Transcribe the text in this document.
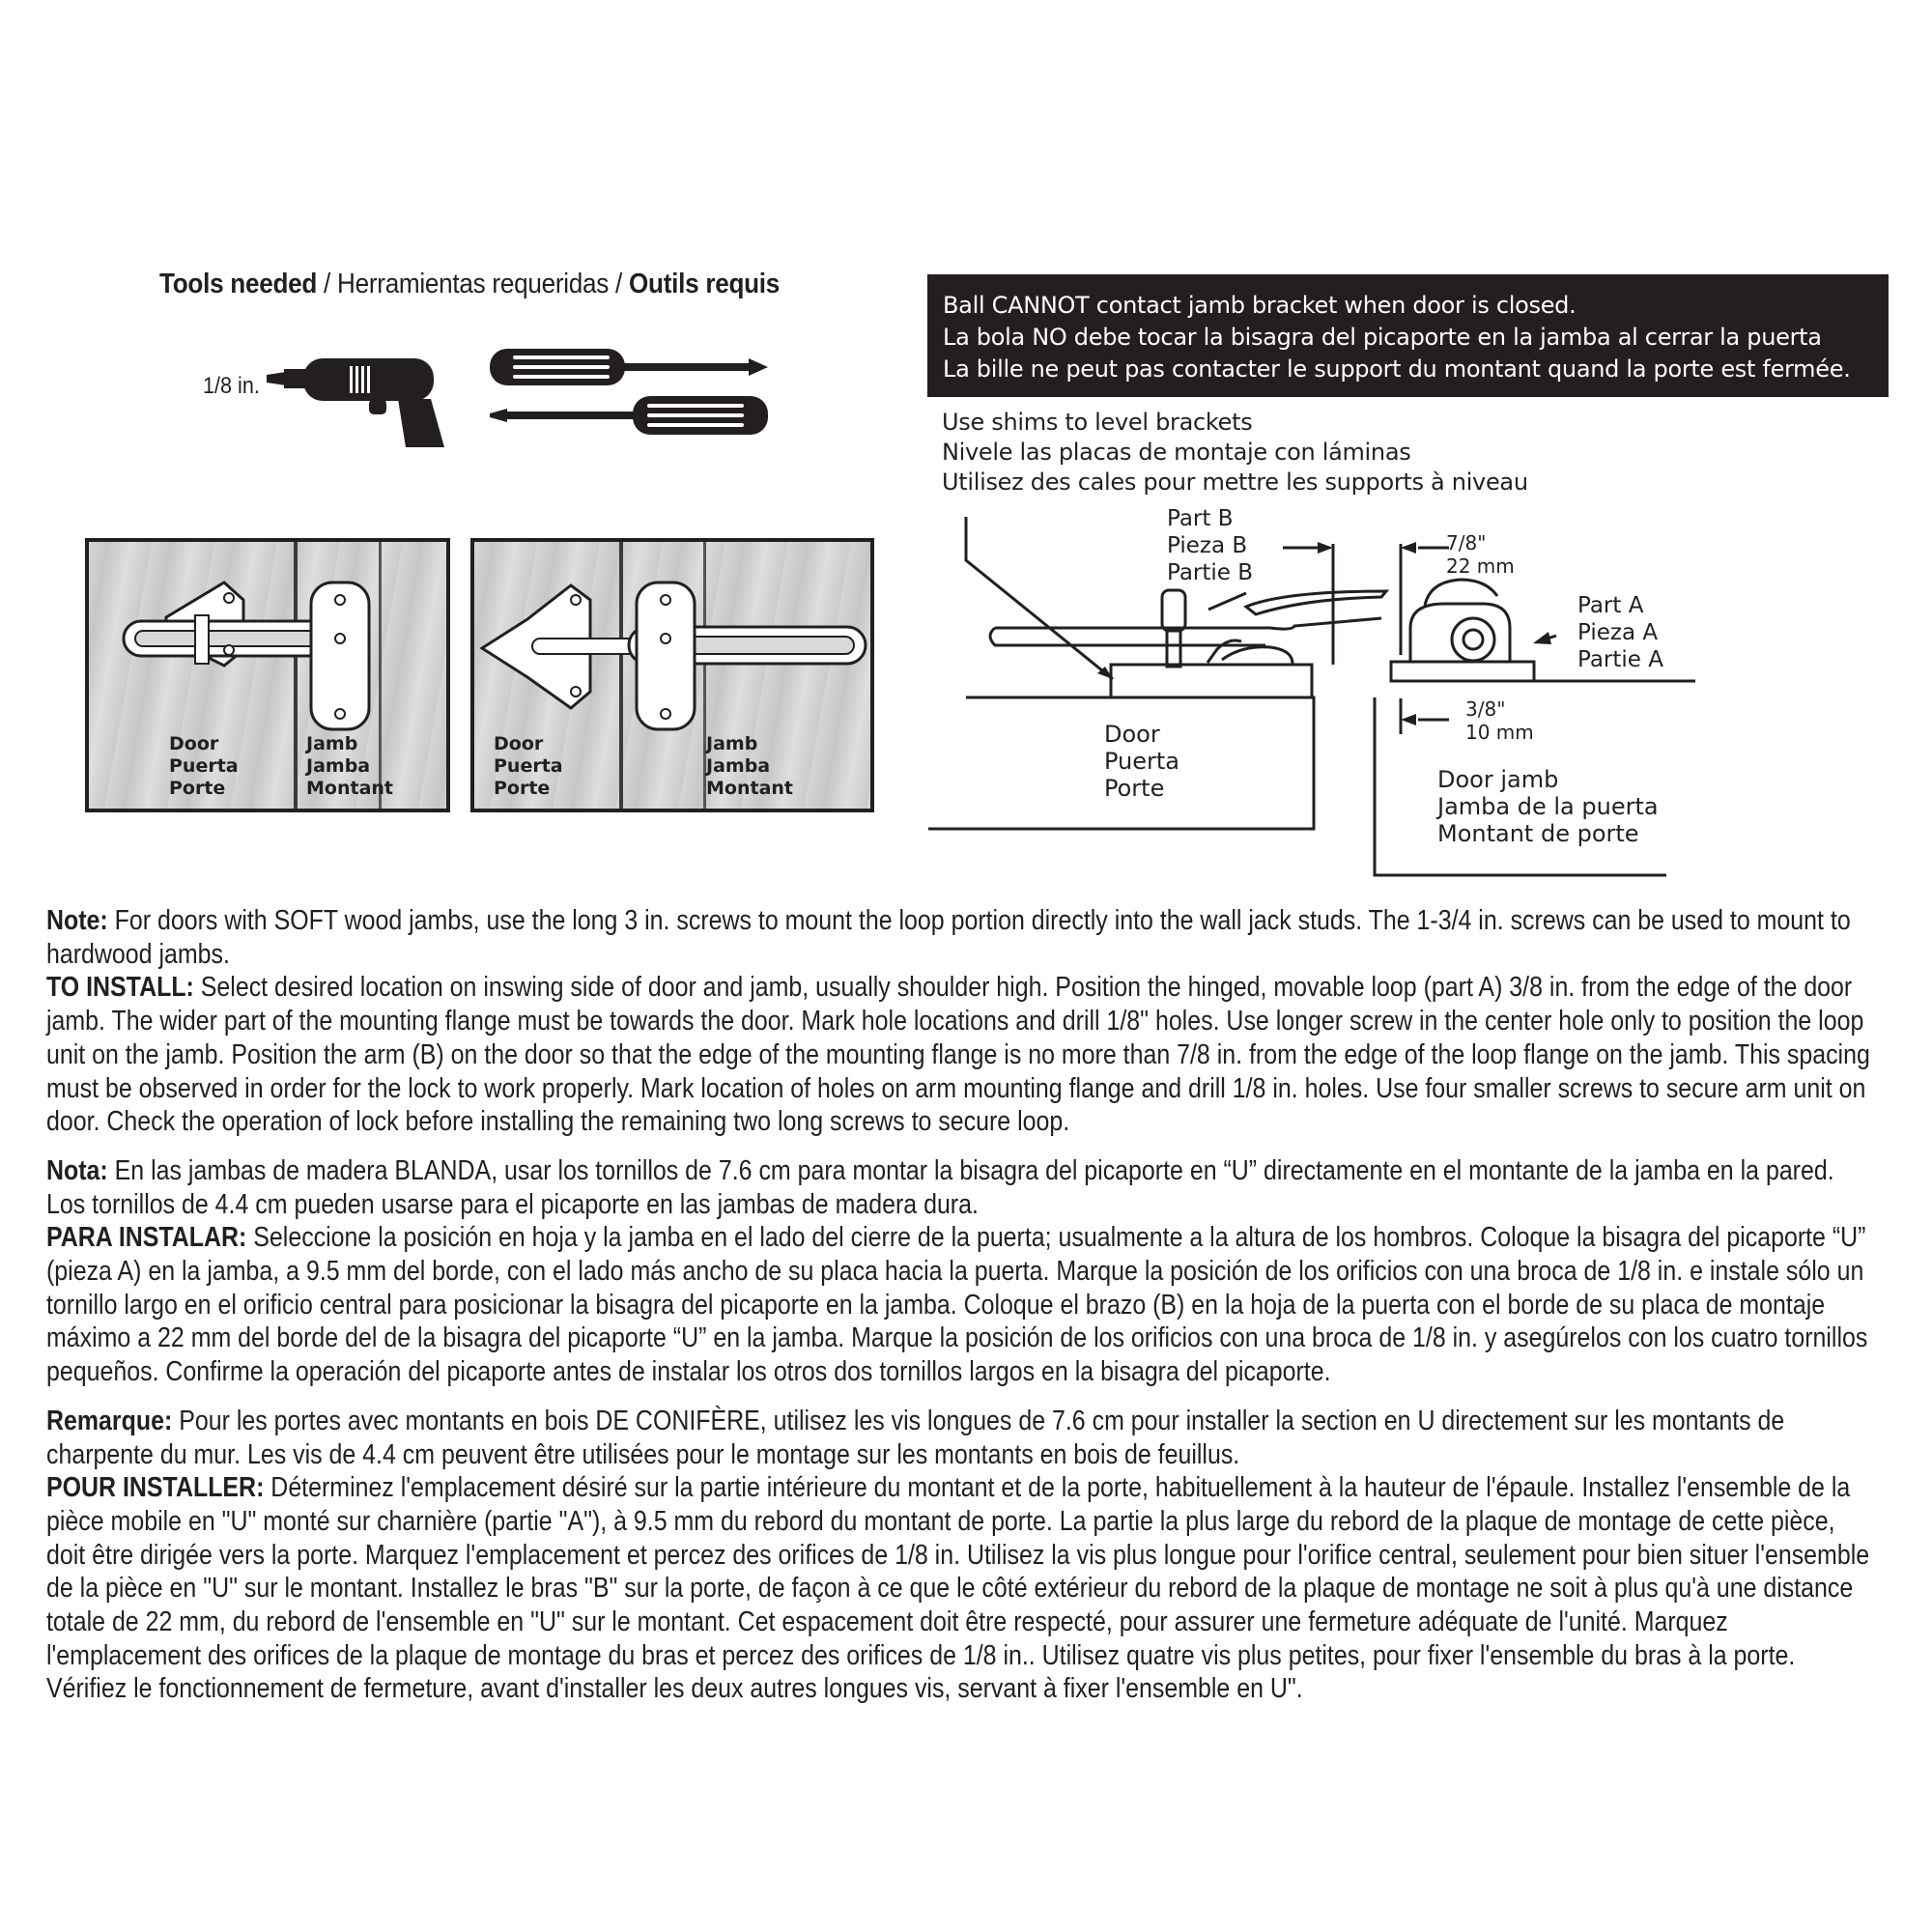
Tools needed / Herramientas requeridas / Outils requis
1/8 in.
Door
Puerta
Porte
Jamb
Jamba
Montant
Door
Puerta
Porte
Jamb
Jamba
Montant
Ball CANNOT contact jamb bracket when door is closed.
La bola NO debe tocar la bisagra del picaporte en la jamba al cerrar la puerta
La bille ne peut pas contacter le support du montant quand la porte est fermée.
Use shims to level brackets
Nivele las placas de montaje con láminas
Utilisez des cales pour mettre les supports à niveau
Part B
Pieza B
Partie B
7/8"
22 mm
Part A
Pieza A
Partie A
3/8"
10 mm
Door
Puerta
Porte	Door jamb
Jamba de la puerta
Montant de porte

Note: For doors with SOFT wood jambs, use the long 3 in. screws to mount the loop portion directly into the wall jack studs. The 1-3/4 in. screws can be used to mount to hardwood jambs.
TO INSTALL: Select desired location on inswing side of door and jamb, usually shoulder high. Position the hinged, movable loop (part A) 3/8 in. from the edge of the door jamb. The wider part of the mounting flange must be towards the door. Mark hole locations and drill 1/8" holes. Use longer screw in the center hole only to position the loop unit on the jamb. Position the arm (B) on the door so that the edge of the mounting flange is no more than 7/8 in. from the edge of the loop flange on the jamb. This spacing must be observed in order for the lock to work properly. Mark location of holes on arm mounting flange and drill 1/8 in. holes. Use four smaller screws to secure arm unit on door. Check the operation of lock before installing the remaining two long screws to secure loop.

Nota: En las jambas de madera BLANDA, usar los tornillos de 7.6 cm para montar la bisagra del picaporte en “U” directamente en el montante de la jamba en la pared. Los tornillos de 4.4 cm pueden usarse para el picaporte en las jambas de madera dura.
PARA INSTALAR: Seleccione la posición en hoja y la jamba en el lado del cierre de la puerta; usualmente a la altura de los hombros. Coloque la bisagra del picaporte “U” (pieza A) en la jamba, a 9.5 mm del borde, con el lado más ancho de su placa hacia la puerta. Marque la posición de los orificios con una broca de 1/8 in. e instale sólo un tornillo largo en el orificio central para posicionar la bisagra del picaporte en la jamba. Coloque el brazo (B) en la hoja de la puerta con el borde de su placa de montaje máximo a 22 mm del borde del de la bisagra del picaporte “U” en la jamba. Marque la posición de los orificios con una broca de 1/8 in. y asegúrelos con los cuatro tornillos pequeños. Confirme la operación del picaporte antes de instalar los otros dos tornillos largos en la bisagra del picaporte.

Remarque: Pour les portes avec montants en bois DE CONIFÈRE, utilisez les vis longues de 7.6 cm pour installer la section en U directement sur les montants de charpente du mur. Les vis de 4.4 cm peuvent être utilisées pour le montage sur les montants en bois de feuillus.
POUR INSTALLER: Déterminez l'emplacement désiré sur la partie intérieure du montant et de la porte, habituellement à la hauteur de l'épaule. Installez l'ensemble de la pièce mobile en "U" monté sur charnière (partie "A"), à 9.5 mm du rebord du montant de porte. La partie la plus large du rebord de la plaque de montage de cette pièce, doit être dirigée vers la porte. Marquez l'emplacement et percez des orifices de 1/8 in. Utilisez la vis plus longue pour l'orifice central, seulement pour bien situer l'ensemble de la pièce en "U" sur le montant. Installez le bras "B" sur la porte, de façon à ce que le côté extérieur du rebord de la plaque de montage ne soit à plus qu'à une distance totale de 22 mm, du rebord de l'ensemble en "U" sur le montant. Cet espacement doit être respecté, pour assurer une fermeture adéquate de l'unité. Marquez l'emplacement des orifices de la plaque de montage du bras et percez des orifices de 1/8 in.. Utilisez quatre vis plus petites, pour fixer l'ensemble du bras à la porte. Vérifiez le fonctionnement de fermeture, avant d'installer les deux autres longues vis, servant à fixer l'ensemble en U".
